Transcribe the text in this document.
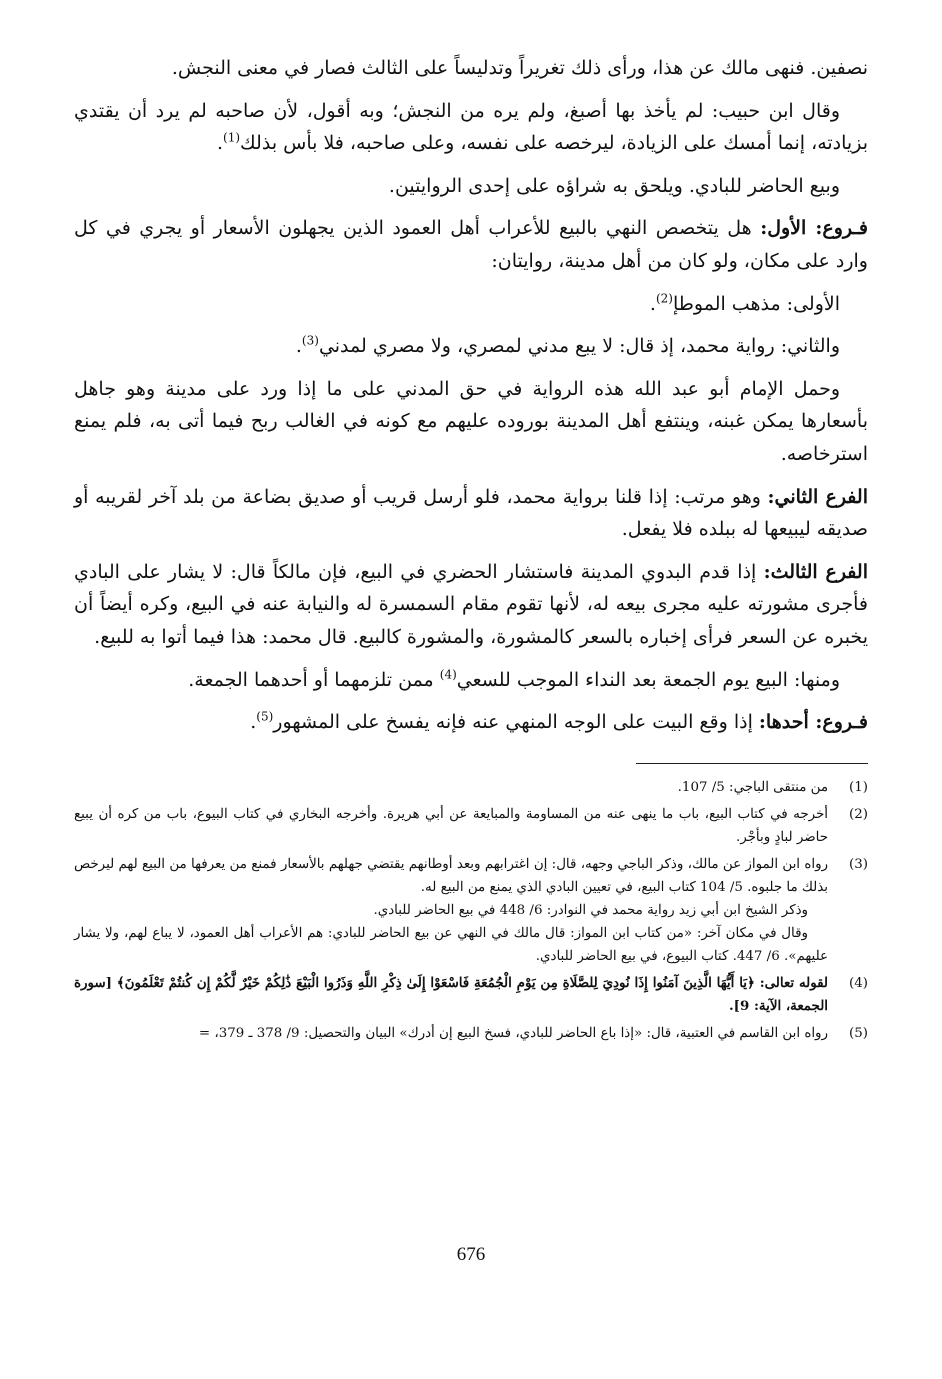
نصفين. فنهى مالك عن هذا، ورأى ذلك تغريراً وتدليساً على الثالث فصار في معنى النجش.

وقال ابن حبيب: لم يأخذ بها أصبغ، ولم يره من النجش؛ وبه أقول، لأن صاحبه لم يرد أن يقتدي بزيادته، إنما أمسك على الزيادة، ليرخصه على نفسه، وعلى صاحبه، فلا بأس بذلك$^{(1)}$.

وبيع الحاضر للبادي. ويلحق به شراؤه على إحدى الروايتين.

فـروع: الأول: هل يتخصص النهي بالبيع للأعراب أهل العمود الذين يجهلون الأسعار أو يجري في كل وارد على مكان، ولو كان من أهل مدينة، روايتان:

الأولى: مذهب الموطإ$^{(2)}$.

والثاني: رواية محمد، إذ قال: لا يبع مدني لمصري، ولا مصري لمدني$^{(3)}$.

وحمل الإمام أبو عبد الله هذه الرواية في حق المدني على ما إذا ورد على مدينة وهو جاهل بأسعارها يمكن غبنه، وينتفع أهل المدينة بوروده عليهم مع كونه في الغالب ربح فيما أتى به، فلم يمنع استرخاصه.

الفرع الثاني: وهو مرتب: إذا قلنا برواية محمد، فلو أرسل قريب أو صديق بضاعة من بلد آخر لقريبه أو صديقه ليبيعها له ببلده فلا يفعل.

الفرع الثالث: إذا قدم البدوي المدينة فاستشار الحضري في البيع، فإن مالكاً قال: لا يشار على البادي فأجرى مشورته عليه مجرى بيعه له، لأنها تقوم مقام السمسرة له والنيابة عنه في البيع، وكره أيضاً أن يخبره عن السعر فرأى إخباره بالسعر كالمشورة، والمشورة كالبيع. قال محمد: هذا فيما أتوا به للبيع.

ومنها: البيع يوم الجمعة بعد النداء الموجب للسعي$^{(4)}$ ممن تلزمهما أو أحدهما الجمعة.

فـروع: أحدها: إذا وقع البيت على الوجه المنهي عنه فإنه يفسخ على المشهور$^{(5)}$.

(1)
من منتقى الباجي: 5/ 107.
(2)
أخرجه في كتاب البيع، باب ما ينهى عنه من المساومة والمبايعة عن أبي هريرة. وأخرجه البخاري في كتاب البيوع، باب من كره أن يبيع حاضر لبادٍ وبأجْر.
(3)
رواه ابن المواز عن مالك، وذكر الباجي وجهه، قال: إن اغترابهم وبعد أوطانهم يقتضي جهلهم بالأسعار فمنع من يعرفها من البيع لهم ليرخص بذلك ما جلبوه. 5/ 104 كتاب البيع، في تعيين البادي الذي يمنع من البيع له.
وذكر الشيخ ابن أبي زيد رواية محمد في النوادر: 6/ 448 في بيع الحاضر للبادي.
وقال في مكان آخر: «من كتاب ابن المواز: قال مالك في النهي عن بيع الحاضر للبادي: هم الأعراب أهل العمود، لا يباع لهم، ولا يشار عليهم». 6/ 447. كتاب البيوع، في بيع الحاضر للبادي.
(4)
لقوله تعالى: ﴿يَا أَيُّهَا الَّذِينَ آمَنُوا إِذَا نُودِيَ لِلصَّلَاةِ مِن يَوْمِ الْجُمُعَةِ فَاسْعَوْا إِلَىٰ ذِكْرِ اللَّهِ وَذَرُوا الْبَيْعَ ذَٰلِكُمْ خَيْرٌ لَّكُمْ إِن كُنتُمْ تَعْلَمُونَ﴾ [سورة الجمعة، الآية: 9].
(5)
رواه ابن القاسم في العتبية، قال: «إذا باع الحاضر للبادي، فسخ البيع إن أدرك» البيان والتحصيل: 9/ 378 ـ 379، =
676
